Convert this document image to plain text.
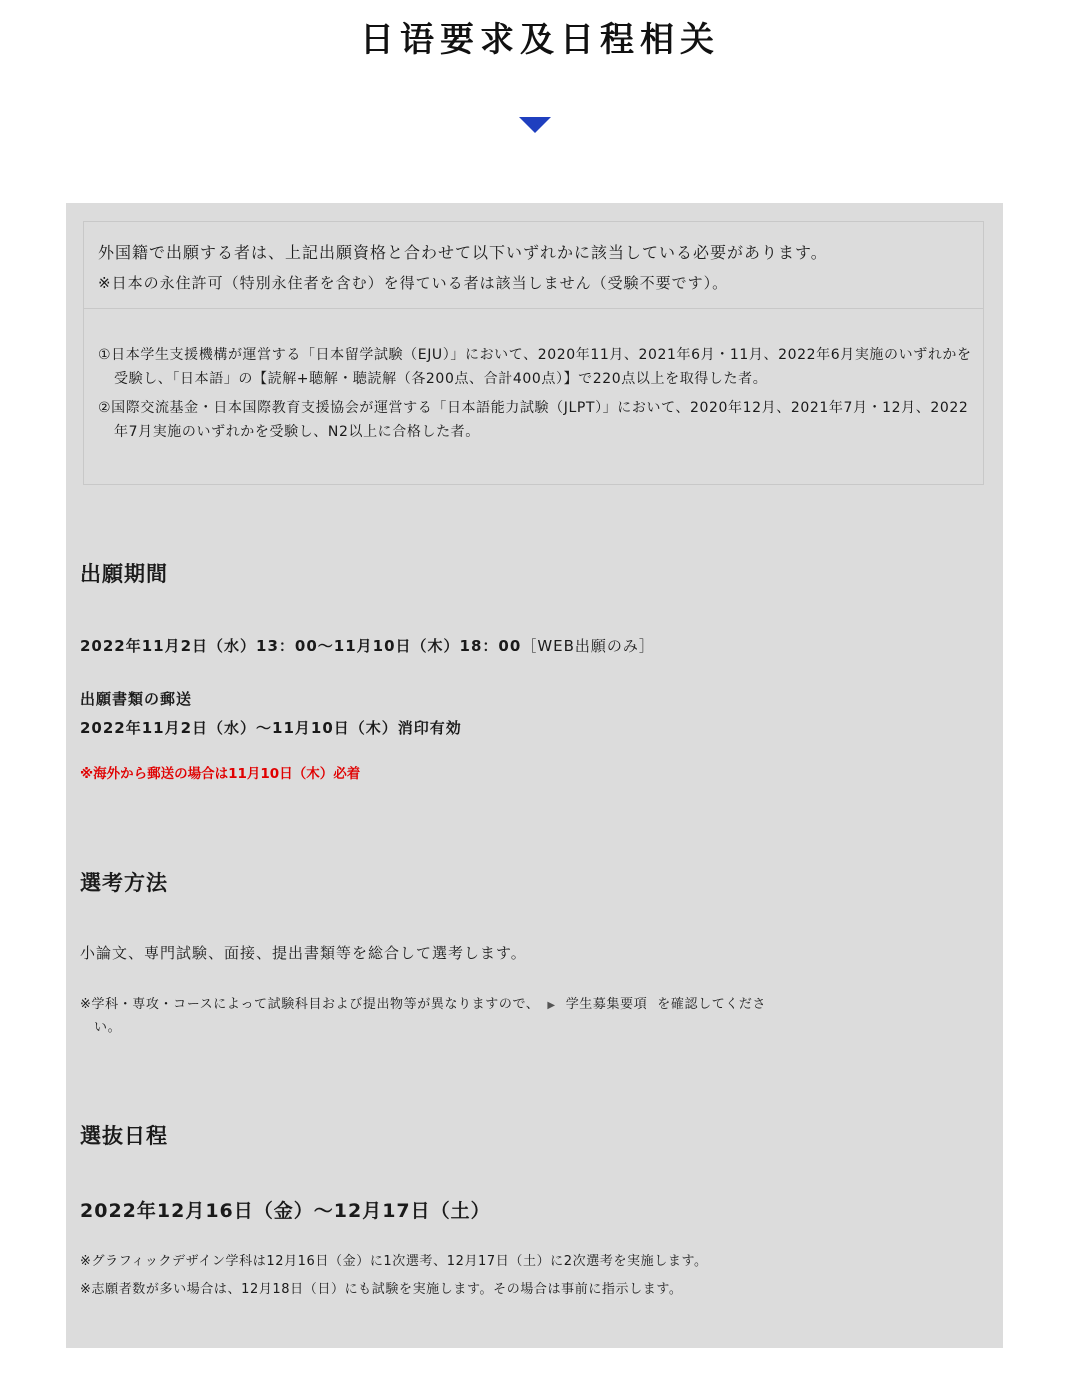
日语要求及日程相关

外国籍で出願する者は、上記出願資格と合わせて以下いずれかに該当している必要があります。

※日本の永住許可（特別永住者を含む）を得ている者は該当しません（受験不要です）。

①日本学生支援機構が運営する「日本留学試験（EJU）」において、2020年11月、2021年6月・11月、2022年6月実施のいずれかを受験し、「日本語」の【読解+聴解・聴読解（各200点、合計400点）】で220点以上を取得した者。
②国際交流基金・日本国際教育支援協会が運営する「日本語能力試験（JLPT）」において、2020年12月、2021年7月・12月、2022年7月実施のいずれかを受験し、N2以上に合格した者。
出願期間

2022年11月2日（水）13：00～11月10日（木）18：00［WEB出願のみ］

出願書類の郵送

2022年11月2日（水）～11月10日（木）消印有効

※海外から郵送の場合は11月10日（木）必着

選考方法

小論文、専門試験、面接、提出書類等を総合して選考します。

※学科・専攻・コースによって試験科目および提出物等が異なりますので、 ▶ 学生募集要項 を確認してくださ

い。

選抜日程

2022年12月16日（金）～12月17日（土）

※グラフィックデザイン学科は12月16日（金）に1次選考、12月17日（土）に2次選考を実施します。

※志願者数が多い場合は、12月18日（日）にも試験を実施します。その場合は事前に指示します。
